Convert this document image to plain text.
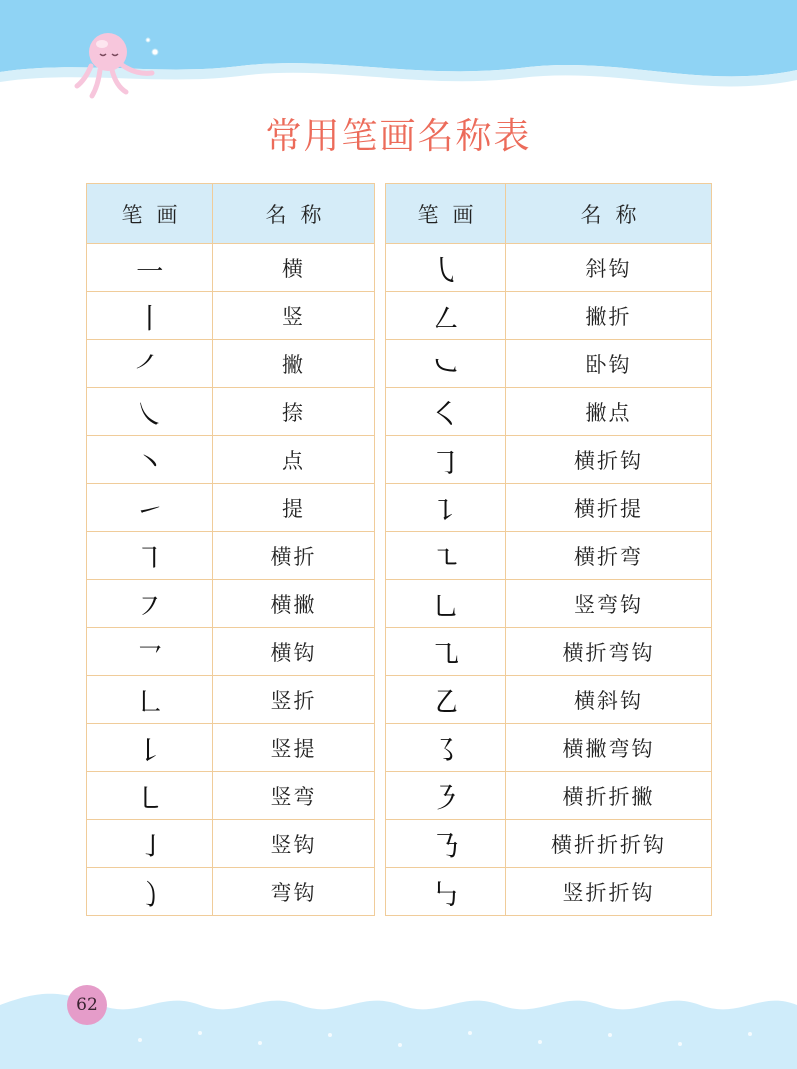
常用笔画名称表
笔画	名称
㇐	横
㇑	竖
㇒	撇
㇏	捺
㇔	点
㇀	提
㇕	横折
㇇	横撇
㇖	横钩
㇗	竖折
㇙	竖提
㇄	竖弯
㇚	竖钩
㇁	弯钩
笔画	名称
㇂	斜钩
㇜	撇折
㇃	卧钩
㇛	撇点
㇆	横折钩
㇊	横折提
㇍	横折弯
㇟	竖弯钩
㇈	横折弯钩
㇠	横斜钩
㇌	横撇弯钩
㇋	横折折撇
㇡	横折折折钩
㇉	竖折折钩
62
